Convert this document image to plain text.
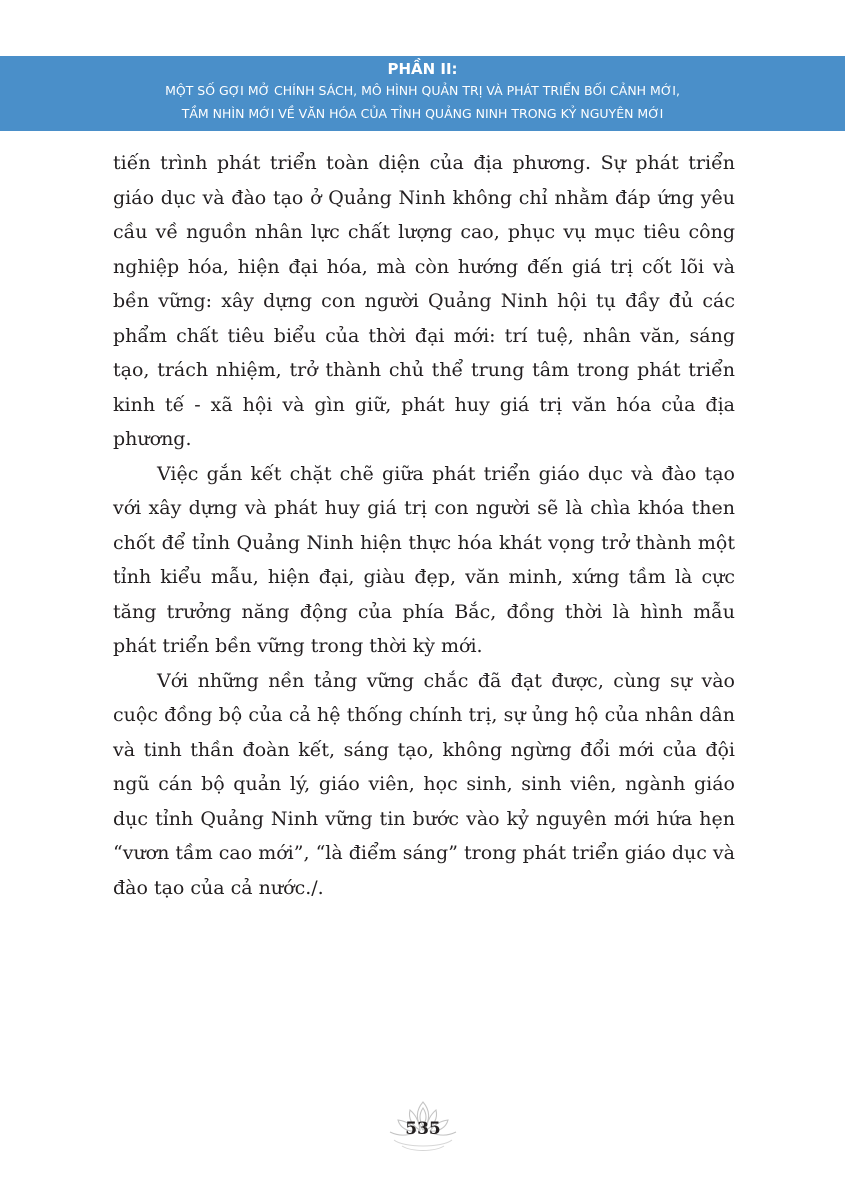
PHẦN II:
MỘT SỐ GỢI MỞ CHÍNH SÁCH, MÔ HÌNH QUẢN TRỊ VÀ PHÁT TRIỂN BỐI CẢNH MỚI,
TẦM NHÌN MỚI VỀ VĂN HÓA CỦA TỈNH QUẢNG NINH TRONG KỶ NGUYÊN MỚI

tiến trình phát triển toàn diện của địa phương. Sự phát triển giáo dục và đào tạo ở Quảng Ninh không chỉ nhằm đáp ứng yêu cầu về nguồn nhân lực chất lượng cao, phục vụ mục tiêu công nghiệp hóa, hiện đại hóa, mà còn hướng đến giá trị cốt lõi và bền vững: xây dựng con người Quảng Ninh hội tụ đầy đủ các phẩm chất tiêu biểu của thời đại mới: trí tuệ, nhân văn, sáng tạo, trách nhiệm, trở thành chủ thể trung tâm trong phát triển kinh tế - xã hội và gìn giữ, phát huy giá trị văn hóa của địa phương.

Việc gắn kết chặt chẽ giữa phát triển giáo dục và đào tạo với xây dựng và phát huy giá trị con người sẽ là chìa khóa then chốt để tỉnh Quảng Ninh hiện thực hóa khát vọng trở thành một tỉnh kiểu mẫu, hiện đại, giàu đẹp, văn minh, xứng tầm là cực tăng trưởng năng động của phía Bắc, đồng thời là hình mẫu phát triển bền vững trong thời kỳ mới.

Với những nền tảng vững chắc đã đạt được, cùng sự vào cuộc đồng bộ của cả hệ thống chính trị, sự ủng hộ của nhân dân và tinh thần đoàn kết, sáng tạo, không ngừng đổi mới của đội ngũ cán bộ quản lý, giáo viên, học sinh, sinh viên, ngành giáo dục tỉnh Quảng Ninh vững tin bước vào kỷ nguyên mới hứa hẹn “vươn tầm cao mới”, “là điểm sáng” trong phát triển giáo dục và đào tạo của cả nước./.

535
